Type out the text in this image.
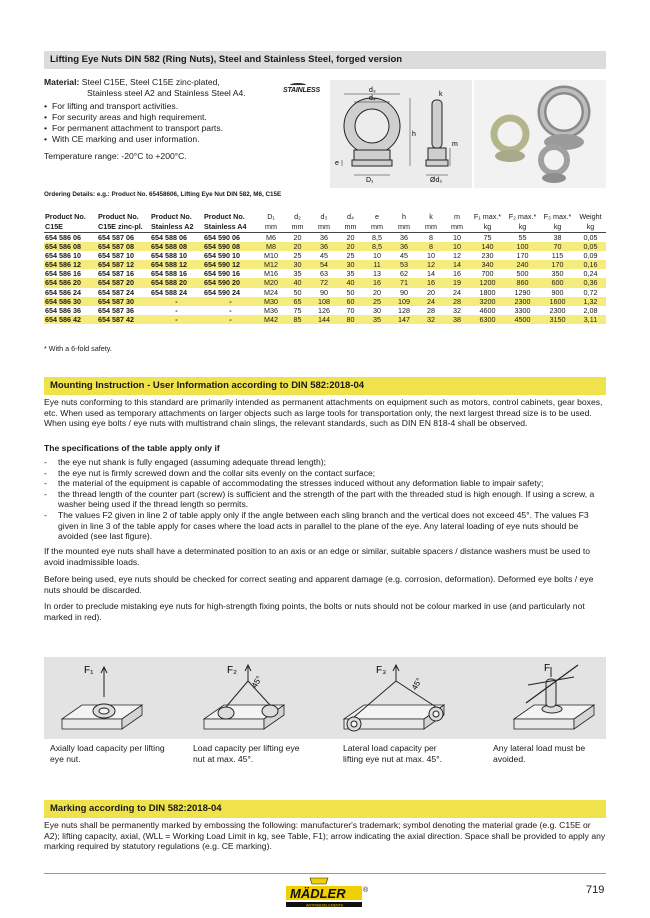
Lifting Eye Nuts DIN 582 (Ring Nuts), Steel and Stainless Steel, forged version
Material: Steel C15E, Steel C15E zinc-plated,
Stainless steel A2 and Stainless Steel A4.	STAINLESS
• For lifting and transport activities.
• For security areas and high requirement.
• For permanent attachment to transport parts.
• With CE marking and user information.
Temperature range: -20°C to +200°C.
d₃
d₄
e
D₁
h
k
m
Ød₂
Ordering Details: e.g.: Product No. 65458606, Lifting Eye Nut DIN 582, M6, C15E
Product No.	Product No.	Product No.	Product No.	D₁	d₂	d₃	d₄	e	h	k	m	F₁ max.*	F₂ max.*	F₃ max.*	Weight
C15E	C15E zinc-pl.	Stainless A2	Stainless A4	mm	mm	mm	mm	mm	mm	mm	mm	kg	kg	kg	kg
654 586 06	654 587 06	654 588 06	654 590 06	M6	20	36	20	8,5	36	8	10	75	55	38	0,05
654 586 08	654 587 08	654 588 08	654 590 08	M8	20	36	20	8,5	36	8	10	140	100	70	0,05
654 586 10	654 587 10	654 588 10	654 590 10	M10	25	45	25	10	45	10	12	230	170	115	0,09
654 586 12	654 587 12	654 588 12	654 590 12	M12	30	54	30	11	53	12	14	340	240	170	0,16
654 586 16	654 587 16	654 588 16	654 590 16	M16	35	63	35	13	62	14	16	700	500	350	0,24
654 586 20	654 587 20	654 588 20	654 590 20	M20	40	72	40	16	71	16	19	1200	860	600	0,36
654 586 24	654 587 24	654 588 24	654 590 24	M24	50	90	50	20	90	20	24	1800	1290	900	0,72
654 586 30	654 587 30	-	-	M30	65	108	60	25	109	24	28	3200	2300	1600	1,32
654 586 36	654 587 36	-	-	M36	75	126	70	30	128	28	32	4600	3300	2300	2,08
654 586 42	654 587 42	-	-	M42	85	144	80	35	147	32	38	6300	4500	3150	3,11
* With a 6-fold safety.
Mounting Instruction - User Information according to DIN 582:2018-04
Eye nuts conforming to this standard are primarily intended as permanent attachments on equipment such as motors, control cabinets, gear boxes, etc. When used as temporary attachments on larger objects such as large tools for transportation only, the next largest thread size is to be used. When using eye bolts / eye nuts with multistrand chain slings, the relevant standards, such as DIN EN 818-4 shall be observed.
The specifications of the table apply only if
- the eye nut shank is fully engaged (assuming adequate thread length);
- the eye nut is firmly screwed down and the collar sits evenly on the contact surface;
- the material of the equipment is capable of accommodating the stresses induced without any deformation liable to impair safety;
- the thread length of the counter part (screw) is sufficient and the strength of the part with the threaded stud is high enough. If using a screw, a washer being used if the thread length so permits.
- The values F2 given in line 2 of table apply only if the angle between each sling branch and the vertical does not exceed 45°. The values F3 given in line 3 of the table apply for cases where the load acts in parallel to the plane of the eye. Any lateral loading of eye nuts should be avoided (see last figure).
If the mounted eye nuts shall have a determinated position to an axis or an edge or similar, suitable spacers / distance washers must be used to avoid inadmissible loads.
Before being used, eye nuts should be checked for correct seating and apparent damage (e.g. corrosion, deformation). Deformed eye bolts / eye nuts should be discarded.
In order to preclude mistaking eye nuts for high-strength fixing points, the bolts or nuts should not be colour marked in use (and particularly not marked in red).
F₁	F₂
45°
F₃
45°
F
Axially load capacity per lifting eye nut.
Load capacity per lifting eye nut at max. 45°.
Lateral load capacity per lifting eye nut at max. 45°.
Any lateral load must be avoided.
Marking according to DIN 582:2018-04
Eye nuts shall be permanently marked by embossing the following: manufacturer's trademark; symbol denoting the material grade (e.g. C15E or A2); lifting capacity, axial, (WLL = Working Load Limit in kg, see Table, F1); arrow indicating the axial direction. Space shall be provided to apply any marking required by statutory regulations (e.g. CE marking).
MÄDLER ®
ANTRIEBSELEMENTE
719
